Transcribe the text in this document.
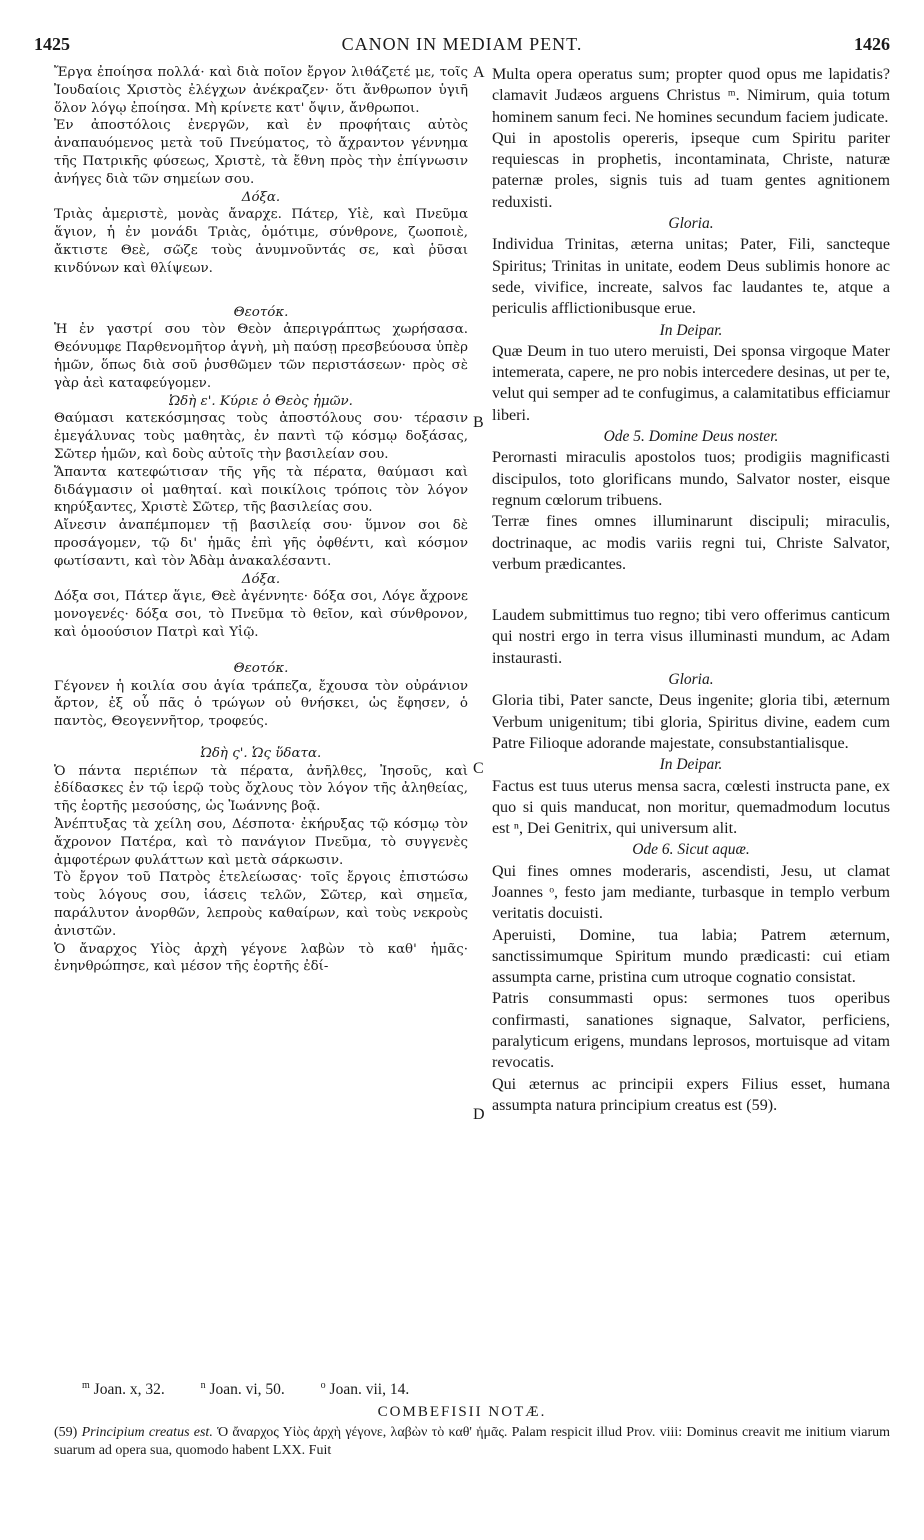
1425	CANON IN MEDIAM PENT.	1426
A
B
C
D

Ἔργα ἐποίησα πολλά· καὶ διὰ ποῖον ἔργον λιθάζετέ με, τοῖς Ἰουδαίοις Χριστὸς ἐλέγχων ἀνέκραζεν· ὅτι ἄνθρωπον ὑγιῆ ὅλον λόγῳ ἐποίησα. Μὴ κρίνετε κατ' ὄψιν, ἄνθρωποι.

Ἐν ἀποστόλοις ἐνεργῶν, καὶ ἐν προφήταις αὐτὸς ἀναπαυόμενος μετὰ τοῦ Πνεύματος, τὸ ἄχραντον γέννημα τῆς Πατρικῆς φύσεως, Χριστὲ, τὰ ἔθνη πρὸς τὴν ἐπίγνωσιν ἀνήγες διὰ τῶν σημείων σου.

Δόξα.

Τριὰς ἀμεριστὲ, μονὰς ἄναρχε. Πάτερ, Υἱὲ, καὶ Πνεῦμα ἅγιον, ἡ ἐν μονάδι Τριὰς, ὁμότιμε, σύνθρονε, ζωοποιὲ, ἄκτιστε Θεὲ, σῶζε τοὺς ἀνυμνοῦντάς σε, καὶ ῥῦσαι κινδύνων καὶ θλίψεων.

Θεοτόκ.

Ἡ ἐν γαστρί σου τὸν Θεὸν ἀπεριγράπτως χωρήσασα. Θεόνυμφε Παρθενομῆτορ ἁγνὴ, μὴ παύσῃ πρεσβεύουσα ὑπὲρ ἡμῶν, ὅπως διὰ σοῦ ῥυσθῶμεν τῶν περιστάσεων· πρὸς σὲ γὰρ ἀεὶ καταφεύγομεν.

Ὠδὴ ε'. Κύριε ὁ Θεὸς ἡμῶν.

Θαύμασι κατεκόσμησας τοὺς ἀποστόλους σου· τέρασιν ἐμεγάλυνας τοὺς μαθητὰς, ἐν παντὶ τῷ κόσμῳ δοξάσας, Σῶτερ ἡμῶν, καὶ δοὺς αὐτοῖς τὴν βασιλείαν σου.

Ἅπαντα κατεφώτισαν τῆς γῆς τὰ πέρατα, θαύμασι καὶ διδάγμασιν οἱ μαθηταί. καὶ ποικίλοις τρόποις τὸν λόγον κηρύξαντες, Χριστὲ Σῶτερ, τῆς βασιλείας σου.

Αἴνεσιν ἀναπέμπομεν τῇ βασιλείᾳ σου· ὕμνον σοι δὲ προσάγομεν, τῷ δι' ἡμᾶς ἐπὶ γῆς ὀφθέντι, καὶ κόσμον φωτίσαντι, καὶ τὸν Ἀδὰμ ἀνακαλέσαντι.

Δόξα.

Δόξα σοι, Πάτερ ἅγιε, Θεὲ ἀγέννητε· δόξα σοι, Λόγε ἄχρονε μονογενές· δόξα σοι, τὸ Πνεῦμα τὸ θεῖον, καὶ σύνθρονον, καὶ ὁμοούσιον Πατρὶ καὶ Υἱῷ.

Θεοτόκ.

Γέγονεν ἡ κοιλία σου ἁγία τράπεζα, ἔχουσα τὸν οὐράνιον ἄρτον, ἐξ οὗ πᾶς ὁ τρώγων οὐ θνήσκει, ὡς ἔφησεν, ὁ παντὸς, Θεογεννῆτορ, τροφεύς.

Ὠδὴ ς'. Ὡς ὕδατα.

Ὁ πάντα περιέπων τὰ πέρατα, ἀνῆλθες, Ἰησοῦς, καὶ ἐδίδασκες ἐν τῷ ἱερῷ τοὺς ὄχλους τὸν λόγον τῆς ἀληθείας, τῆς ἑορτῆς μεσούσης, ὡς Ἰωάννης βοᾷ.

Ἀνέπτυξας τὰ χείλη σου, Δέσποτα· ἐκήρυξας τῷ κόσμῳ τὸν ἄχρονον Πατέρα, καὶ τὸ πανάγιον Πνεῦμα, τὸ συγγενὲς ἀμφοτέρων φυλάττων καὶ μετὰ σάρκωσιν.

Τὸ ἔργον τοῦ Πατρὸς ἐτελείωσας· τοῖς ἔργοις ἐπιστώσω τοὺς λόγους σου, ἰάσεις τελῶν, Σῶτερ, καὶ σημεῖα, παράλυτον ἀνορθῶν, λεπροὺς καθαίρων, καὶ τοὺς νεκροὺς ἀνιστῶν.

Ὁ ἄναρχος Υἱὸς ἀρχὴ γέγονε λαβὼν τὸ καθ' ἡμᾶς· ἐνηνθρώπησε, καὶ μέσον τῆς ἑορτῆς ἐδί-

Multa opera operatus sum; propter quod opus me lapidatis? clamavit Judæos arguens Christus ᵐ. Nimirum, quia totum hominem sanum feci. Ne homines secundum faciem judicate.

Qui in apostolis opereris, ipseque cum Spiritu pariter requiescas in prophetis, incontaminata, Christe, naturæ paternæ proles, signis tuis ad tuam gentes agnitionem reduxisti.

Gloria.

Individua Trinitas, æterna unitas; Pater, Fili, sancteque Spiritus; Trinitas in unitate, eodem Deus sublimis honore ac sede, vivifice, increate, salvos fac laudantes te, atque a periculis afflictionibusque erue.

In Deipar.

Quæ Deum in tuo utero meruisti, Dei sponsa virgoque Mater intemerata, capere, ne pro nobis intercedere desinas, ut per te, velut qui semper ad te confugimus, a calamitatibus efficiamur liberi.

Ode 5. Domine Deus noster.

Perornasti miraculis apostolos tuos; prodigiis magnificasti discipulos, toto glorificans mundo, Salvator noster, eisque regnum cœlorum tribuens.

Terræ fines omnes illuminarunt discipuli; miraculis, doctrinaque, ac modis variis regni tui, Christe Salvator, verbum prædicantes.

Laudem submittimus tuo regno; tibi vero offerimus canticum qui nostri ergo in terra visus illuminasti mundum, ac Adam instaurasti.

Gloria.

Gloria tibi, Pater sancte, Deus ingenite; gloria tibi, æternum Verbum unigenitum; tibi gloria, Spiritus divine, eadem cum Patre Filioque adorande majestate, consubstantialisque.

In Deipar.

Factus est tuus uterus mensa sacra, cœlesti instructa pane, ex quo si quis manducat, non moritur, quemadmodum locutus est ⁿ, Dei Genitrix, qui universum alit.

Ode 6. Sicut aquæ.

Qui fines omnes moderaris, ascendisti, Jesu, ut clamat Joannes ᵒ, festo jam mediante, turbasque in templo verbum veritatis docuisti.

Aperuisti, Domine, tua labia; Patrem æternum, sanctissimumque Spiritum mundo prædicasti: cui etiam assumpta carne, pristina cum utroque cognatio consistat.

Patris consummasti opus: sermones tuos operibus confirmasti, sanationes signaque, Salvator, perficiens, paralyticum erigens, mundans leprosos, mortuisque ad vitam revocatis.

Qui æternus ac principii expers Filius esset, humana assumpta natura principium creatus est (59).

$^m$ Joan. x, 32.	$^n$ Joan. vi, 50.	$^o$ Joan. vii, 14.
COMBEFISII NOTÆ.

(59) Principium creatus est. Ὁ ἄναρχος Υἱὸς ἀρχὴ γέγονε, λαβὼν τὸ καθ' ἡμᾶς. Palam respicit illud Prov. viii: Dominus creavit me initium viarum suarum ad opera sua, quomodo habent LXX. Fuit
